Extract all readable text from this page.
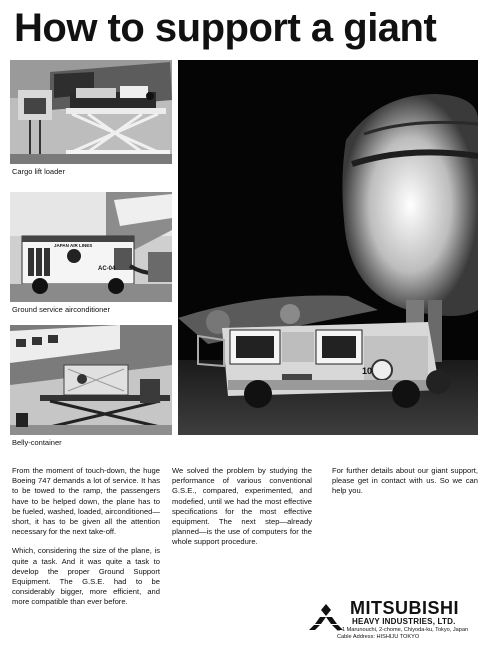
How to support a giant
Cargo lift loader
JAPAN AIR LINES
AC-04
Ground service airconditioner
Belly-container
10

From the moment of touch-down, the huge Boeing 747 demands a lot of service. It has to be towed to the ramp, the passengers have to be helped down, the plane has to be fueled, washed, loaded, airconditioned—short, it has to be given all the attention necessary for the next take-off.

Which, considering the size of the plane, is quite a task. And it was quite a task to develop the proper Ground Support Equipment. The G.S.E. had to be considerably bigger, more efficient, and more compatible than ever before.

We solved the problem by studying the performance of various conventional G.S.E., compared, experimented, and modefied, until we had the most effective specifications for the most effective equipment. The next step—already planned—is the use of computers for the whole support procedure.

For further details about our giant support, please get in contact with us. So we can help you.

MITSUBISHI
HEAVY INDUSTRIES, LTD.
5-1 Marunouchi, 2-chome, Chiyoda-ku, Tokyo, Japan
Cable Address: HISHIJU TOKYO
